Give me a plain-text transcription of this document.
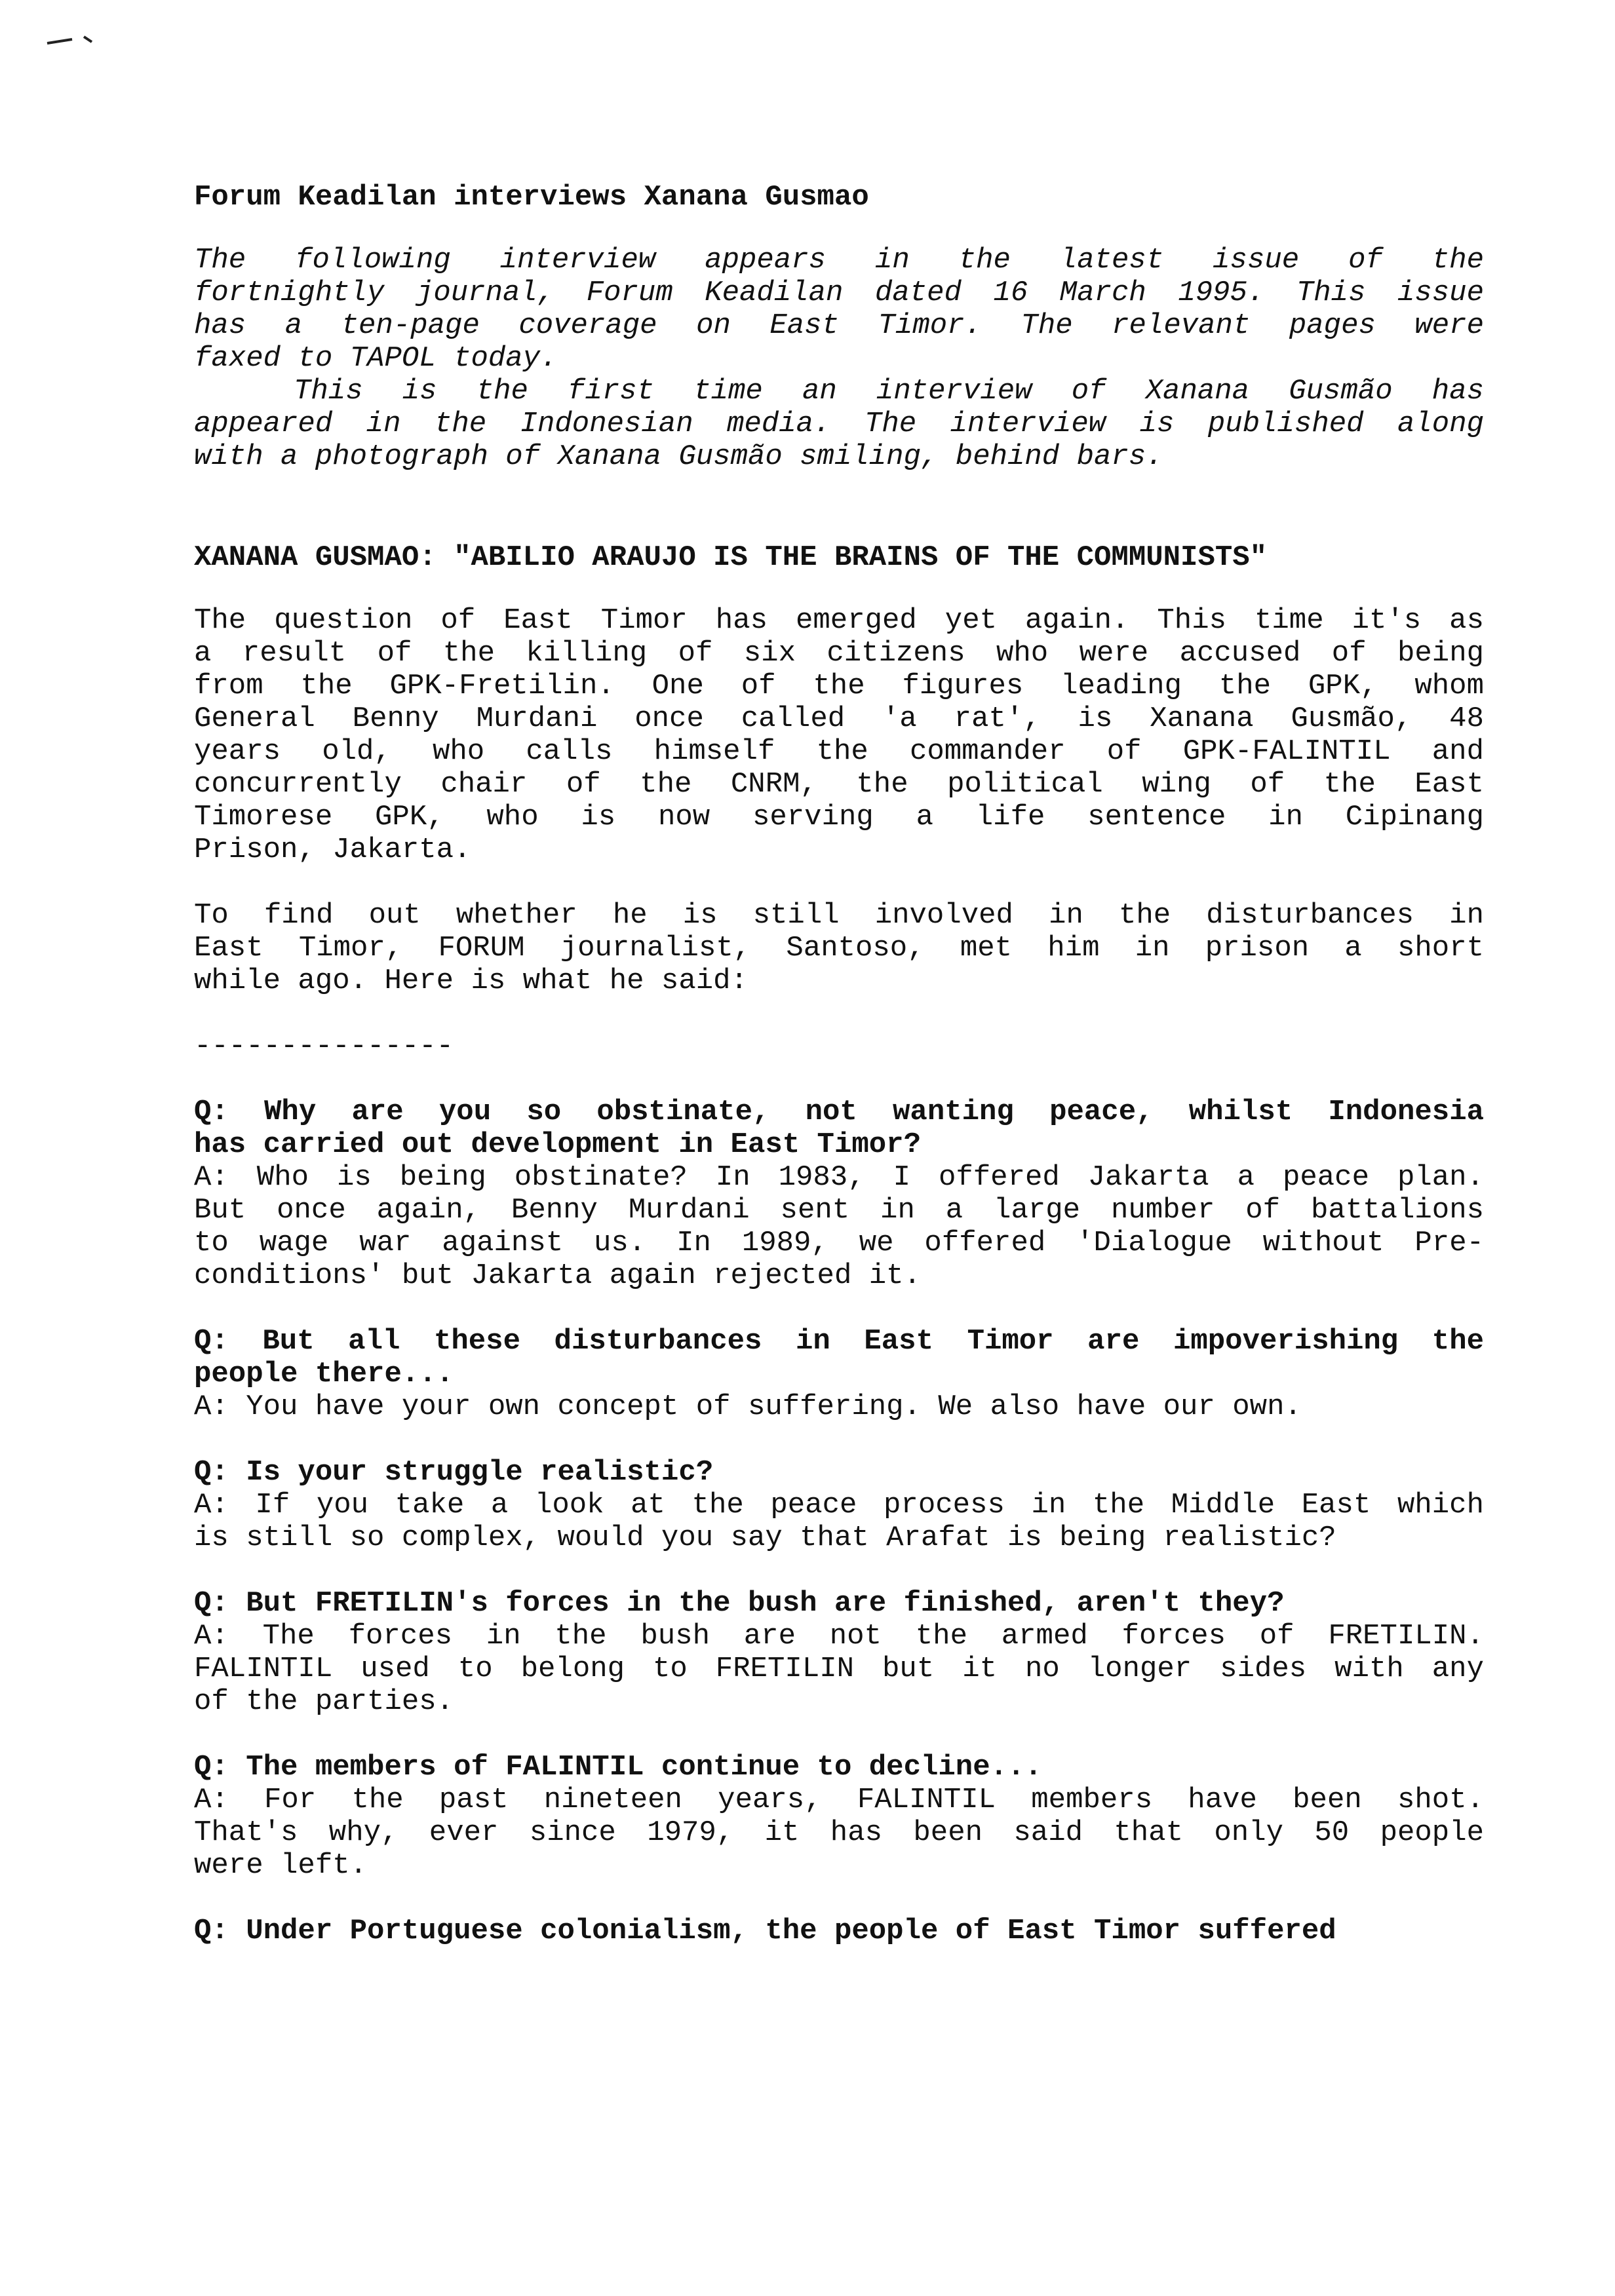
Forum Keadilan interviews Xanana Gusmao
The following interview appears in the latest issue of the
fortnightly journal, Forum Keadilan dated 16 March 1995. This issue
has a ten-page coverage on East Timor. The relevant pages were
faxed to TAPOL today.
This is the first time an interview of Xanana Gusmão has
appeared in the Indonesian media. The interview is published along
with a photograph of Xanana Gusmão smiling, behind bars.
XANANA GUSMAO: "ABILIO ARAUJO IS THE BRAINS OF THE COMMUNISTS"
The question of East Timor has emerged yet again. This time it's as
a result of the killing of six citizens who were accused of being
from the GPK-Fretilin. One of the figures leading the GPK, whom
General Benny Murdani once called 'a rat', is Xanana Gusmão, 48
years old, who calls himself the commander of GPK-FALINTIL and
concurrently chair of the CNRM, the political wing of the East
Timorese GPK, who is now serving a life sentence in Cipinang
Prison, Jakarta.
To find out whether he is still involved in the disturbances in
East Timor, FORUM journalist, Santoso, met him in prison a short
while ago. Here is what he said:
---------------
Q: Why are you so obstinate, not wanting peace, whilst Indonesia
has carried out development in East Timor?
A: Who is being obstinate? In 1983, I offered Jakarta a peace plan.
But once again, Benny Murdani sent in a large number of battalions
to wage war against us. In 1989, we offered 'Dialogue without Pre-
conditions' but Jakarta again rejected it.
Q: But all these disturbances in East Timor are impoverishing the
people there...
A: You have your own concept of suffering. We also have our own.
Q: Is your struggle realistic?
A: If you take a look at the peace process in the Middle East which
is still so complex, would you say that Arafat is being realistic?
Q: But FRETILIN's forces in the bush are finished, aren't they?
A: The forces in the bush are not the armed forces of FRETILIN.
FALINTIL used to belong to FRETILIN but it no longer sides with any
of the parties.
Q: The members of FALINTIL continue to decline...
A: For the past nineteen years, FALINTIL members have been shot.
That's why, ever since 1979, it has been said that only 50 people
were left.
Q: Under Portuguese colonialism, the people of East Timor suffered
